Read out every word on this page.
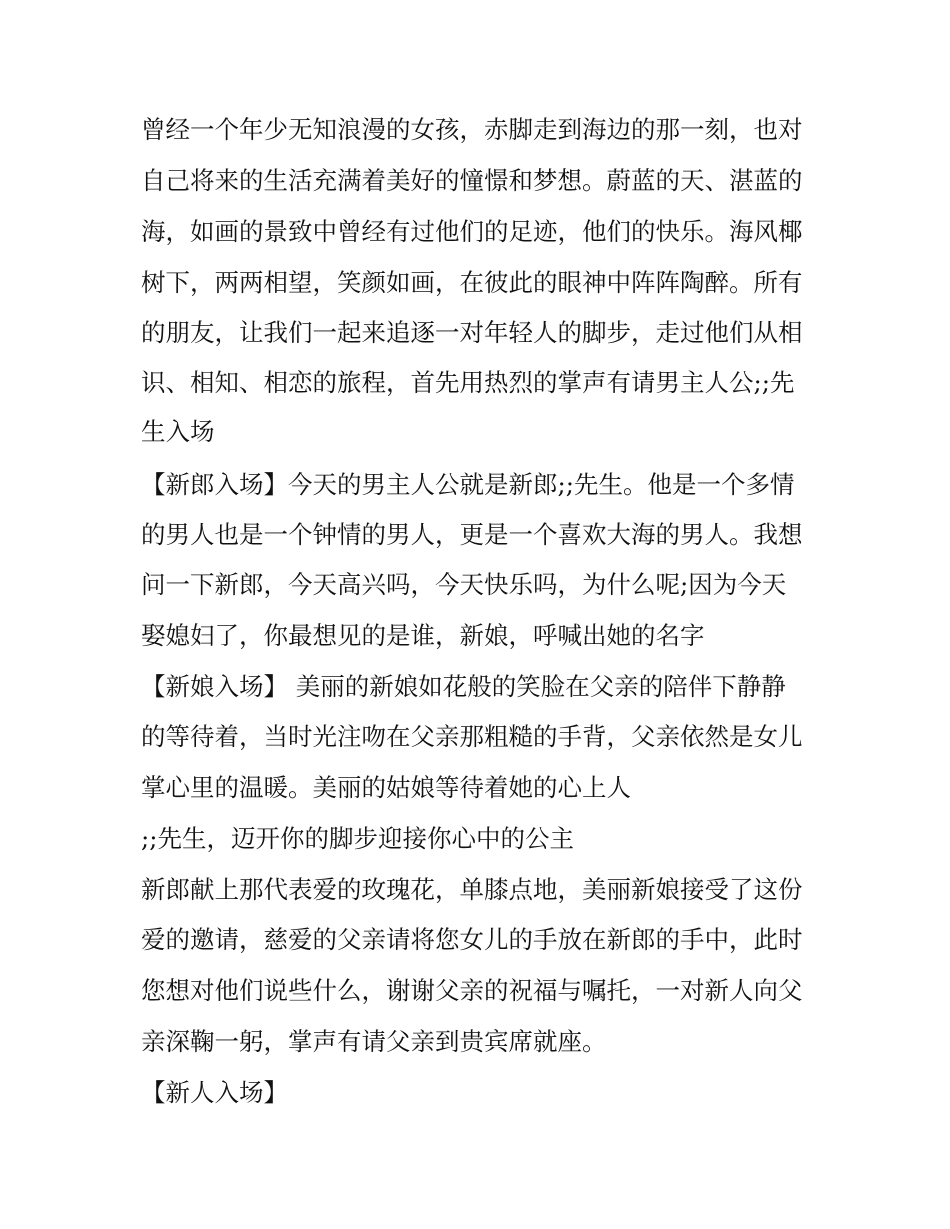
曾经一个年少无知浪漫的女孩，赤脚走到海边的那一刻，也对
自己将来的生活充满着美好的憧憬和梦想。蔚蓝的天、湛蓝的
海，如画的景致中曾经有过他们的足迹，他们的快乐。海风椰
树下，两两相望，笑颜如画，在彼此的眼神中阵阵陶醉。所有
的朋友，让我们一起来追逐一对年轻人的脚步，走过他们从相
识、相知、相恋的旅程，首先用热烈的掌声有请男主人公;;先
生入场
【新郎入场】今天的男主人公就是新郎;;先生。他是一个多情
的男人也是一个钟情的男人，更是一个喜欢大海的男人。我想
问一下新郎，今天高兴吗，今天快乐吗，为什么呢;因为今天
娶媳妇了，你最想见的是谁，新娘，呼喊出她的名字
【新娘入场】 美丽的新娘如花般的笑脸在父亲的陪伴下静静
的等待着，当时光注吻在父亲那粗糙的手背，父亲依然是女儿
掌心里的温暖。美丽的姑娘等待着她的心上人
;;先生，迈开你的脚步迎接你心中的公主
新郎献上那代表爱的玫瑰花，单膝点地，美丽新娘接受了这份
爱的邀请，慈爱的父亲请将您女儿的手放在新郎的手中，此时
您想对他们说些什么，谢谢父亲的祝福与嘱托，一对新人向父
亲深鞠一躬，掌声有请父亲到贵宾席就座。
【新人入场】
